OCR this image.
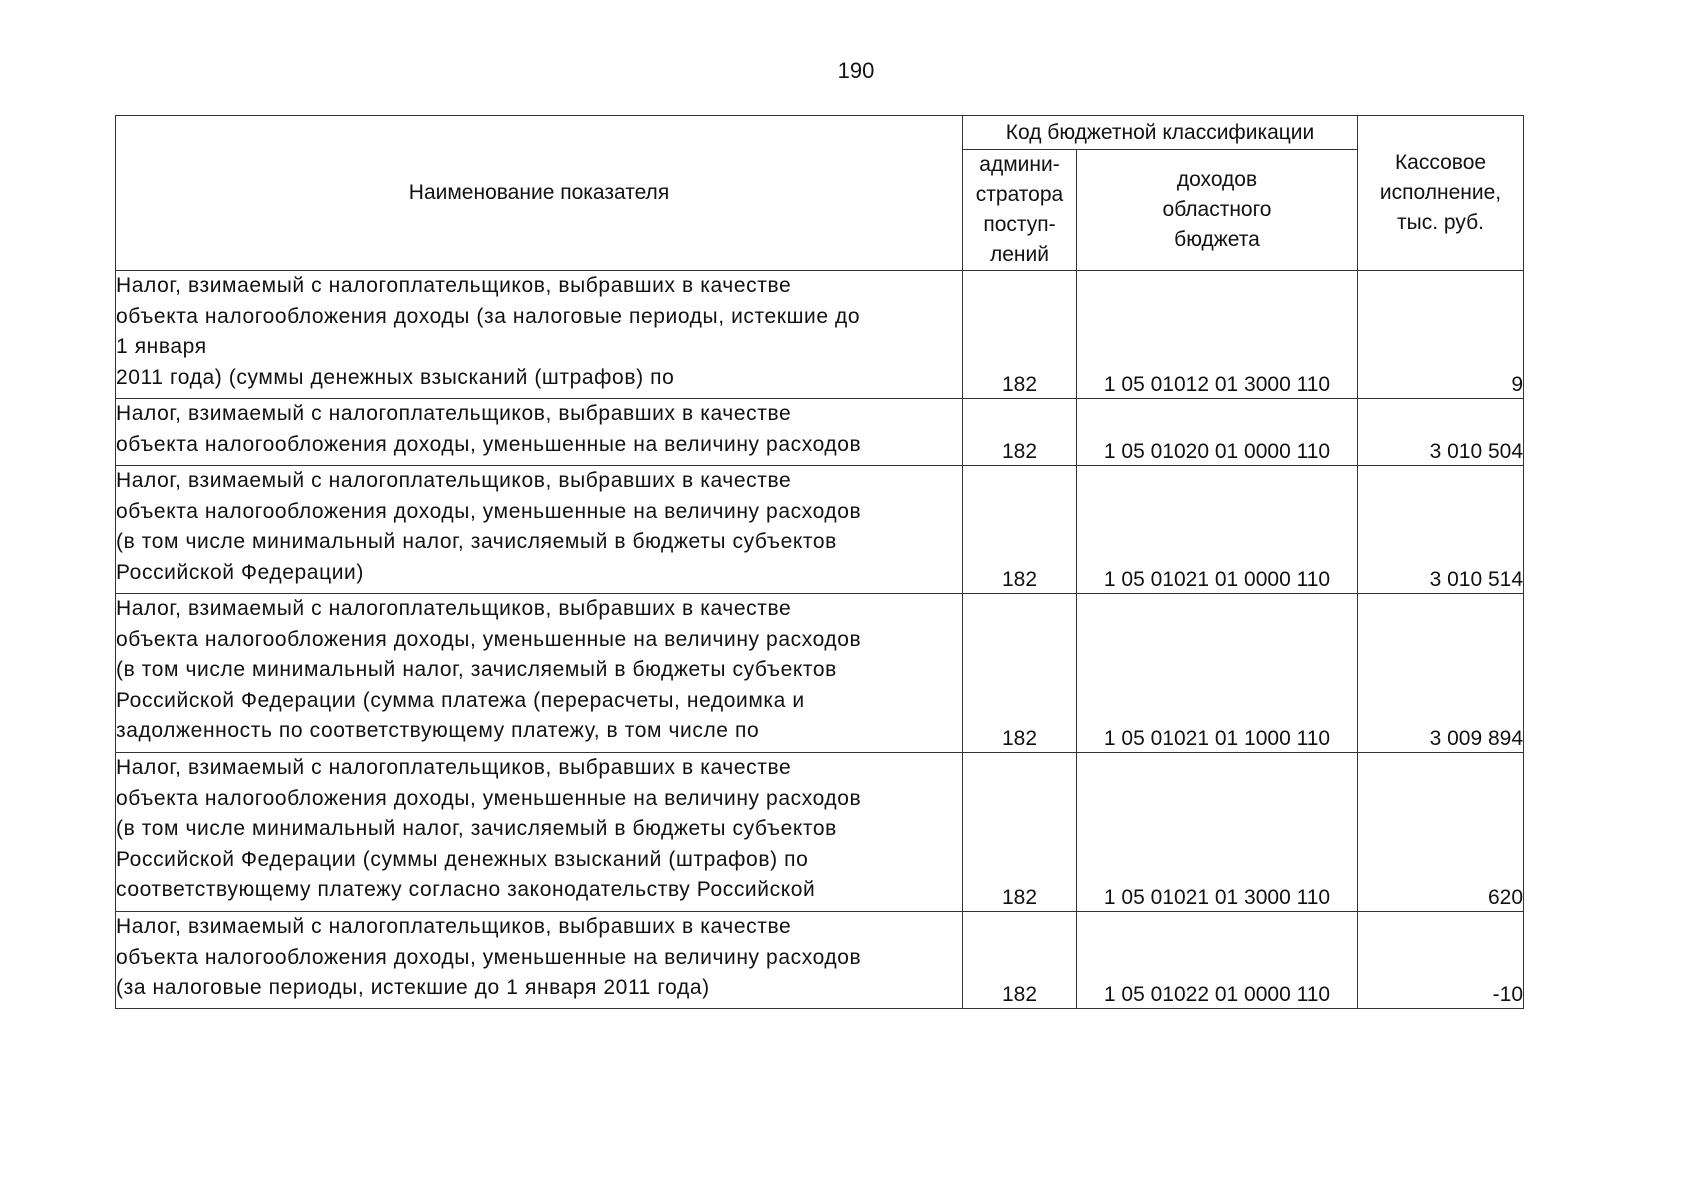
190
Наименование показателя	Код бюджетной классификации		Кассовое
исполнение,
тыс. руб.
	админи-
стратора
поступ-
лений	доходов
областного
бюджета	
Налог, взимаемый с налогоплательщиков, выбравших в качестве
объекта налогообложения доходы (за налоговые периоды, истекшие до
1 января
2011 года) (суммы денежных взысканий (штрафов) по	182	1 05 01012 01 3000 110	9
Налог, взимаемый с налогоплательщиков, выбравших в качестве
объекта налогообложения доходы, уменьшенные на величину расходов	182	1 05 01020 01 0000 110	3 010 504
Налог, взимаемый с налогоплательщиков, выбравших в качестве
объекта налогообложения доходы, уменьшенные на величину расходов
(в том числе минимальный налог, зачисляемый в бюджеты субъектов
Российской Федерации)	182	1 05 01021 01 0000 110	3 010 514
Налог, взимаемый с налогоплательщиков, выбравших в качестве
объекта налогообложения доходы, уменьшенные на величину расходов
(в том числе минимальный налог, зачисляемый в бюджеты субъектов
Российской Федерации (сумма платежа (перерасчеты, недоимка и
задолженность по соответствующему платежу, в том числе по	182	1 05 01021 01 1000 110	3 009 894
Налог, взимаемый с налогоплательщиков, выбравших в качестве
объекта налогообложения доходы, уменьшенные на величину расходов
(в том числе минимальный налог, зачисляемый в бюджеты субъектов
Российской Федерации (суммы денежных взысканий (штрафов) по
соответствующему платежу согласно законодательству Российской	182	1 05 01021 01 3000 110	620
Налог, взимаемый с налогоплательщиков, выбравших в качестве
объекта налогообложения доходы, уменьшенные на величину расходов
(за налоговые периоды, истекшие до 1 января 2011 года)	182	1 05 01022 01 0000 110	-10
